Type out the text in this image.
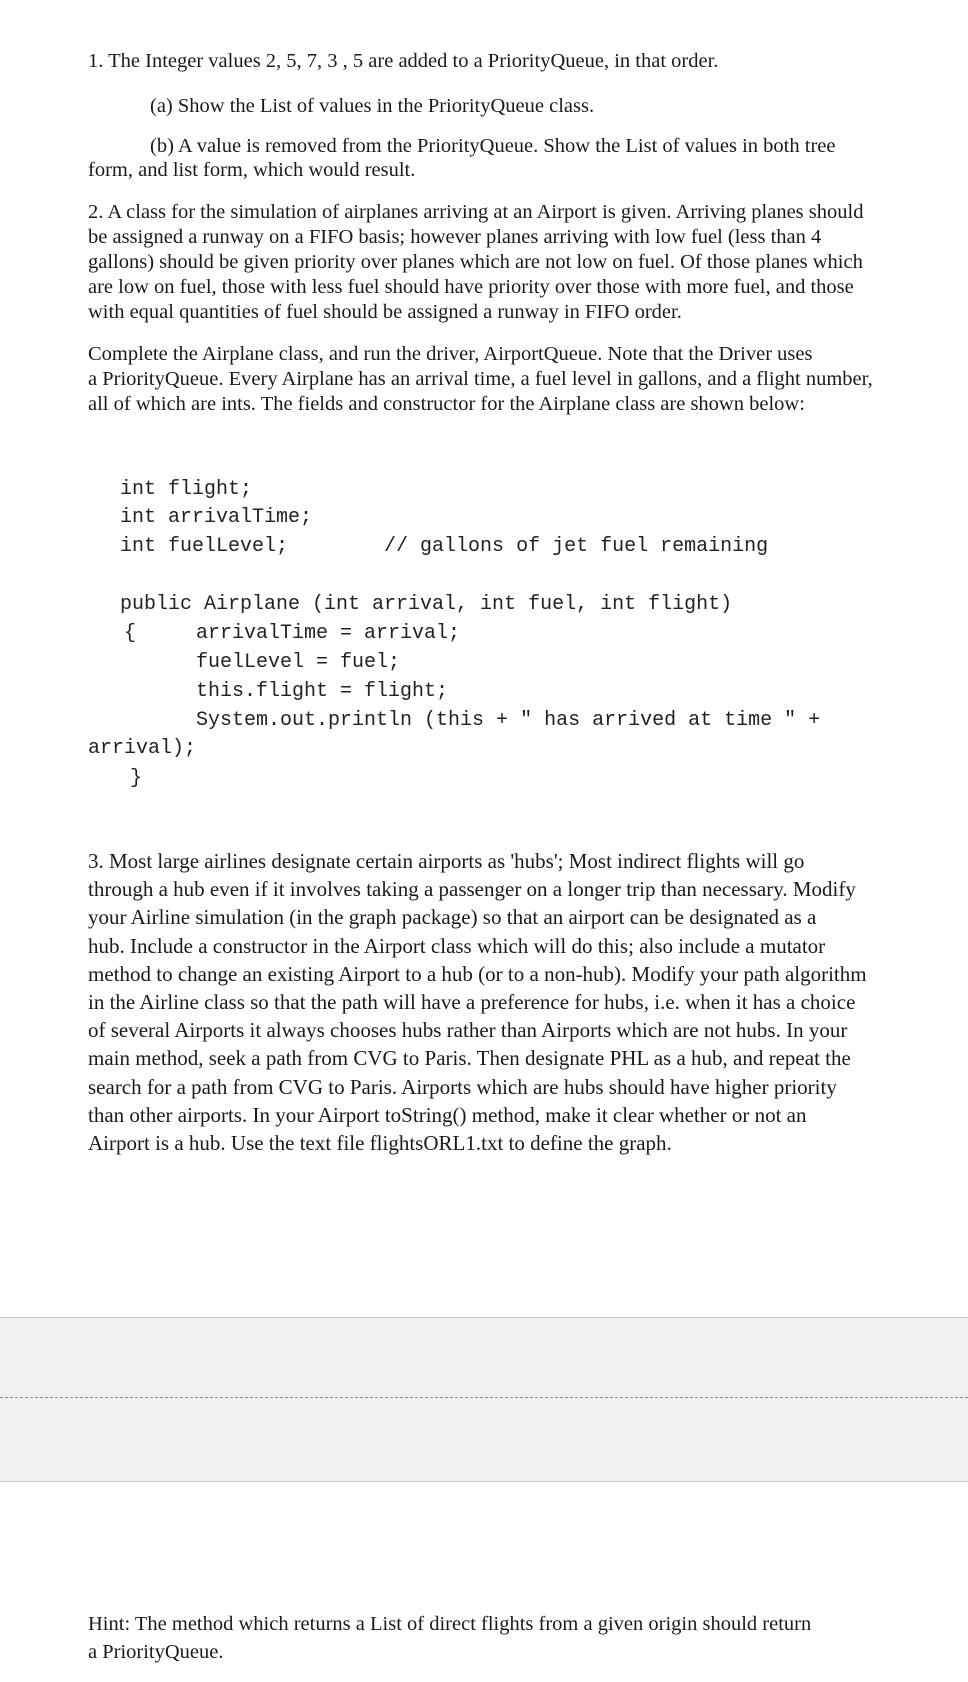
1. The Integer values 2, 5, 7, 3 , 5 are added to a PriorityQueue, in that order.

(a) Show the List of values in the PriorityQueue class.

(b) A value is removed from the PriorityQueue. Show the List of values in both tree

form, and list form, which would result.

2. A class for the simulation of airplanes arriving at an Airport is given. Arriving planes should
be assigned a runway on a FIFO basis; however planes arriving with low fuel (less than 4
gallons) should be given priority over planes which are not low on fuel. Of those planes which
are low on fuel, those with less fuel should have priority over those with more fuel, and those
with equal quantities of fuel should be assigned a runway in FIFO order.
Complete the Airplane class, and run the driver, AirportQueue. Note that the Driver uses
a PriorityQueue. Every Airplane has an arrival time, a fuel level in gallons, and a flight number,
all of which are ints. The fields and constructor for the Airplane class are shown below:

int flight;

int arrivalTime;

int fuelLevel;        // gallons of jet fuel remaining

public Airplane (int arrival, int fuel, int flight)

{     arrivalTime = arrival;

fuelLevel = fuel;

this.flight = flight;

System.out.println (this + " has arrived at time " +

arrival);

}

3. Most large airlines designate certain airports as 'hubs'; Most indirect flights will go
through a hub even if it involves taking a passenger on a longer trip than necessary. Modify
your Airline simulation (in the graph package) so that an airport can be designated as a
hub. Include a constructor in the Airport class which will do this; also include a mutator
method to change an existing Airport to a hub (or to a non-hub). Modify your path algorithm
in the Airline class so that the path will have a preference for hubs, i.e. when it has a choice
of several Airports it always chooses hubs rather than Airports which are not hubs. In your
main method, seek a path from CVG to Paris. Then designate PHL as a hub, and repeat the
search for a path from CVG to Paris. Airports which are hubs should have higher priority
than other airports. In your Airport toString() method, make it clear whether or not an
Airport is a hub. Use the text file flightsORL1.txt to define the graph.

Hint: The method which returns a List of direct flights from a given origin should return

a PriorityQueue.
